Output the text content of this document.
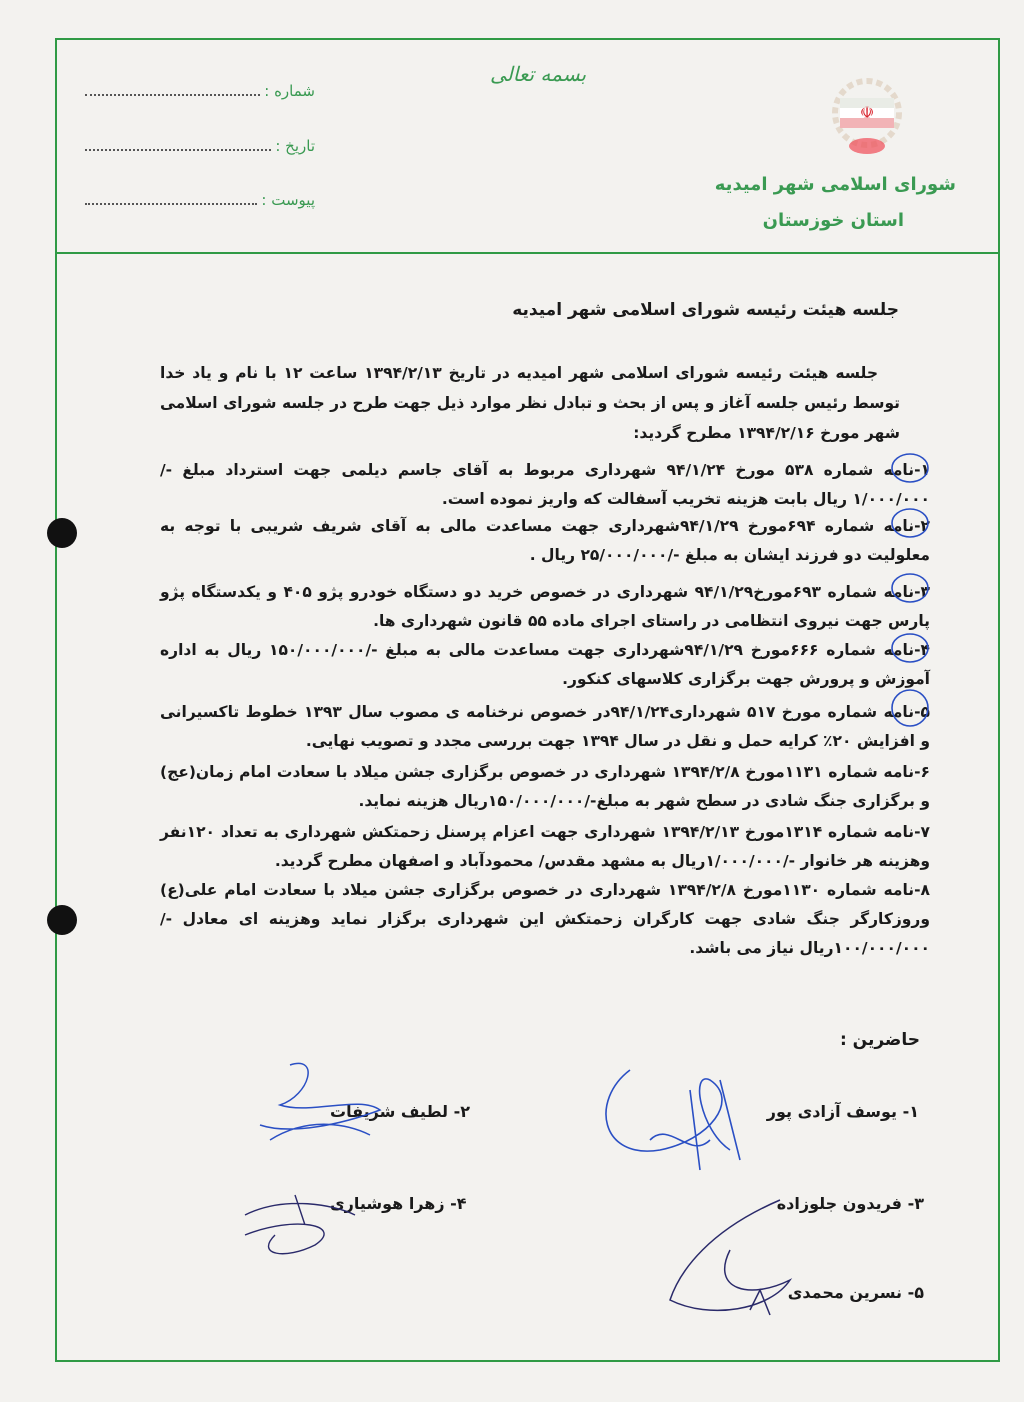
بسمه تعالی
شماره :
تاریخ :
پیوست :
☫
شورای اسلامی شهر امیدیه
استان خوزستان
جلسه هیئت رئیسه شورای اسلامی شهر امیدیه
جلسه هیئت رئیسه شورای اسلامی شهر امیدیه در تاریخ ۱۳۹۴/۲/۱۳ ساعت ۱۲ با نام و یاد خدا توسط رئیس جلسه آغاز و پس از بحث و تبادل نظر موارد ذیل جهت طرح در جلسه شورای اسلامی شهر مورخ ۱۳۹۴/۲/۱۶ مطرح گردید:
۱-نامه شماره ۵۳۸ مورخ ۹۴/۱/۲۴ شهرداری مربوط به آقای جاسم دیلمی جهت استرداد مبلغ -/۱/۰۰۰/۰۰۰ ریال بابت هزینه تخریب آسفالت که واریز نموده است.
۲-نامه شماره ۶۹۴مورخ ۹۴/۱/۲۹شهرداری جهت مساعدت مالی به آقای شریف شریبی با توجه به معلولیت دو فرزند ایشان به مبلغ -/۲۵/۰۰۰/۰۰۰ ریال .
۳-نامه شماره ۶۹۳مورخ۹۴/۱/۲۹ شهرداری در خصوص خرید دو دستگاه خودرو پژو ۴۰۵ و یکدستگاه پژو پارس جهت نیروی انتظامی در راستای اجرای ماده ۵۵ قانون شهرداری ها.
۴-نامه شماره ۶۶۶مورخ ۹۴/۱/۲۹شهرداری جهت مساعدت مالی به مبلغ -/۱۵۰/۰۰۰/۰۰۰ ریال به اداره آموزش و پرورش جهت برگزاری کلاسهای کنکور.
۵-نامه شماره مورخ ۵۱۷ شهرداری۹۴/۱/۲۴در خصوص نرخنامه ی مصوب سال ۱۳۹۳ خطوط تاکسیرانی و افزایش ۲۰٪ کرایه حمل و نقل در سال ۱۳۹۴ جهت بررسی مجدد و تصویب نهایی.
۶-نامه شماره ۱۱۳۱مورخ ۱۳۹۴/۲/۸ شهرداری در خصوص برگزاری جشن میلاد با سعادت امام زمان(عج) و برگزاری جنگ شادی در سطح شهر به مبلغ-/۱۵۰/۰۰۰/۰۰۰ریال هزینه نماید.
۷-نامه شماره ۱۳۱۴مورخ ۱۳۹۴/۲/۱۳ شهرداری جهت اعزام پرسنل زحمتکش شهرداری به تعداد ۱۲۰نفر وهزینه هر خانوار -/۱/۰۰۰/۰۰۰ریال به مشهد مقدس/ محمودآباد و اصفهان مطرح گردید.
۸-نامه شماره ۱۱۳۰مورخ ۱۳۹۴/۲/۸ شهرداری در خصوص برگزاری جشن میلاد با سعادت امام علی(ع) وروزکارگر جنگ شادی جهت کارگران زحمتکش این شهرداری برگزار نماید وهزینه ای معادل -/۱۰۰/۰۰۰/۰۰۰ریال نیاز می باشد.
حاضرین :
۱- یوسف آزادی پور
۲- لطیف شریفات
۳- فریدون جلوزاده
۴- زهرا هوشیاری
۵- نسرین محمدی
